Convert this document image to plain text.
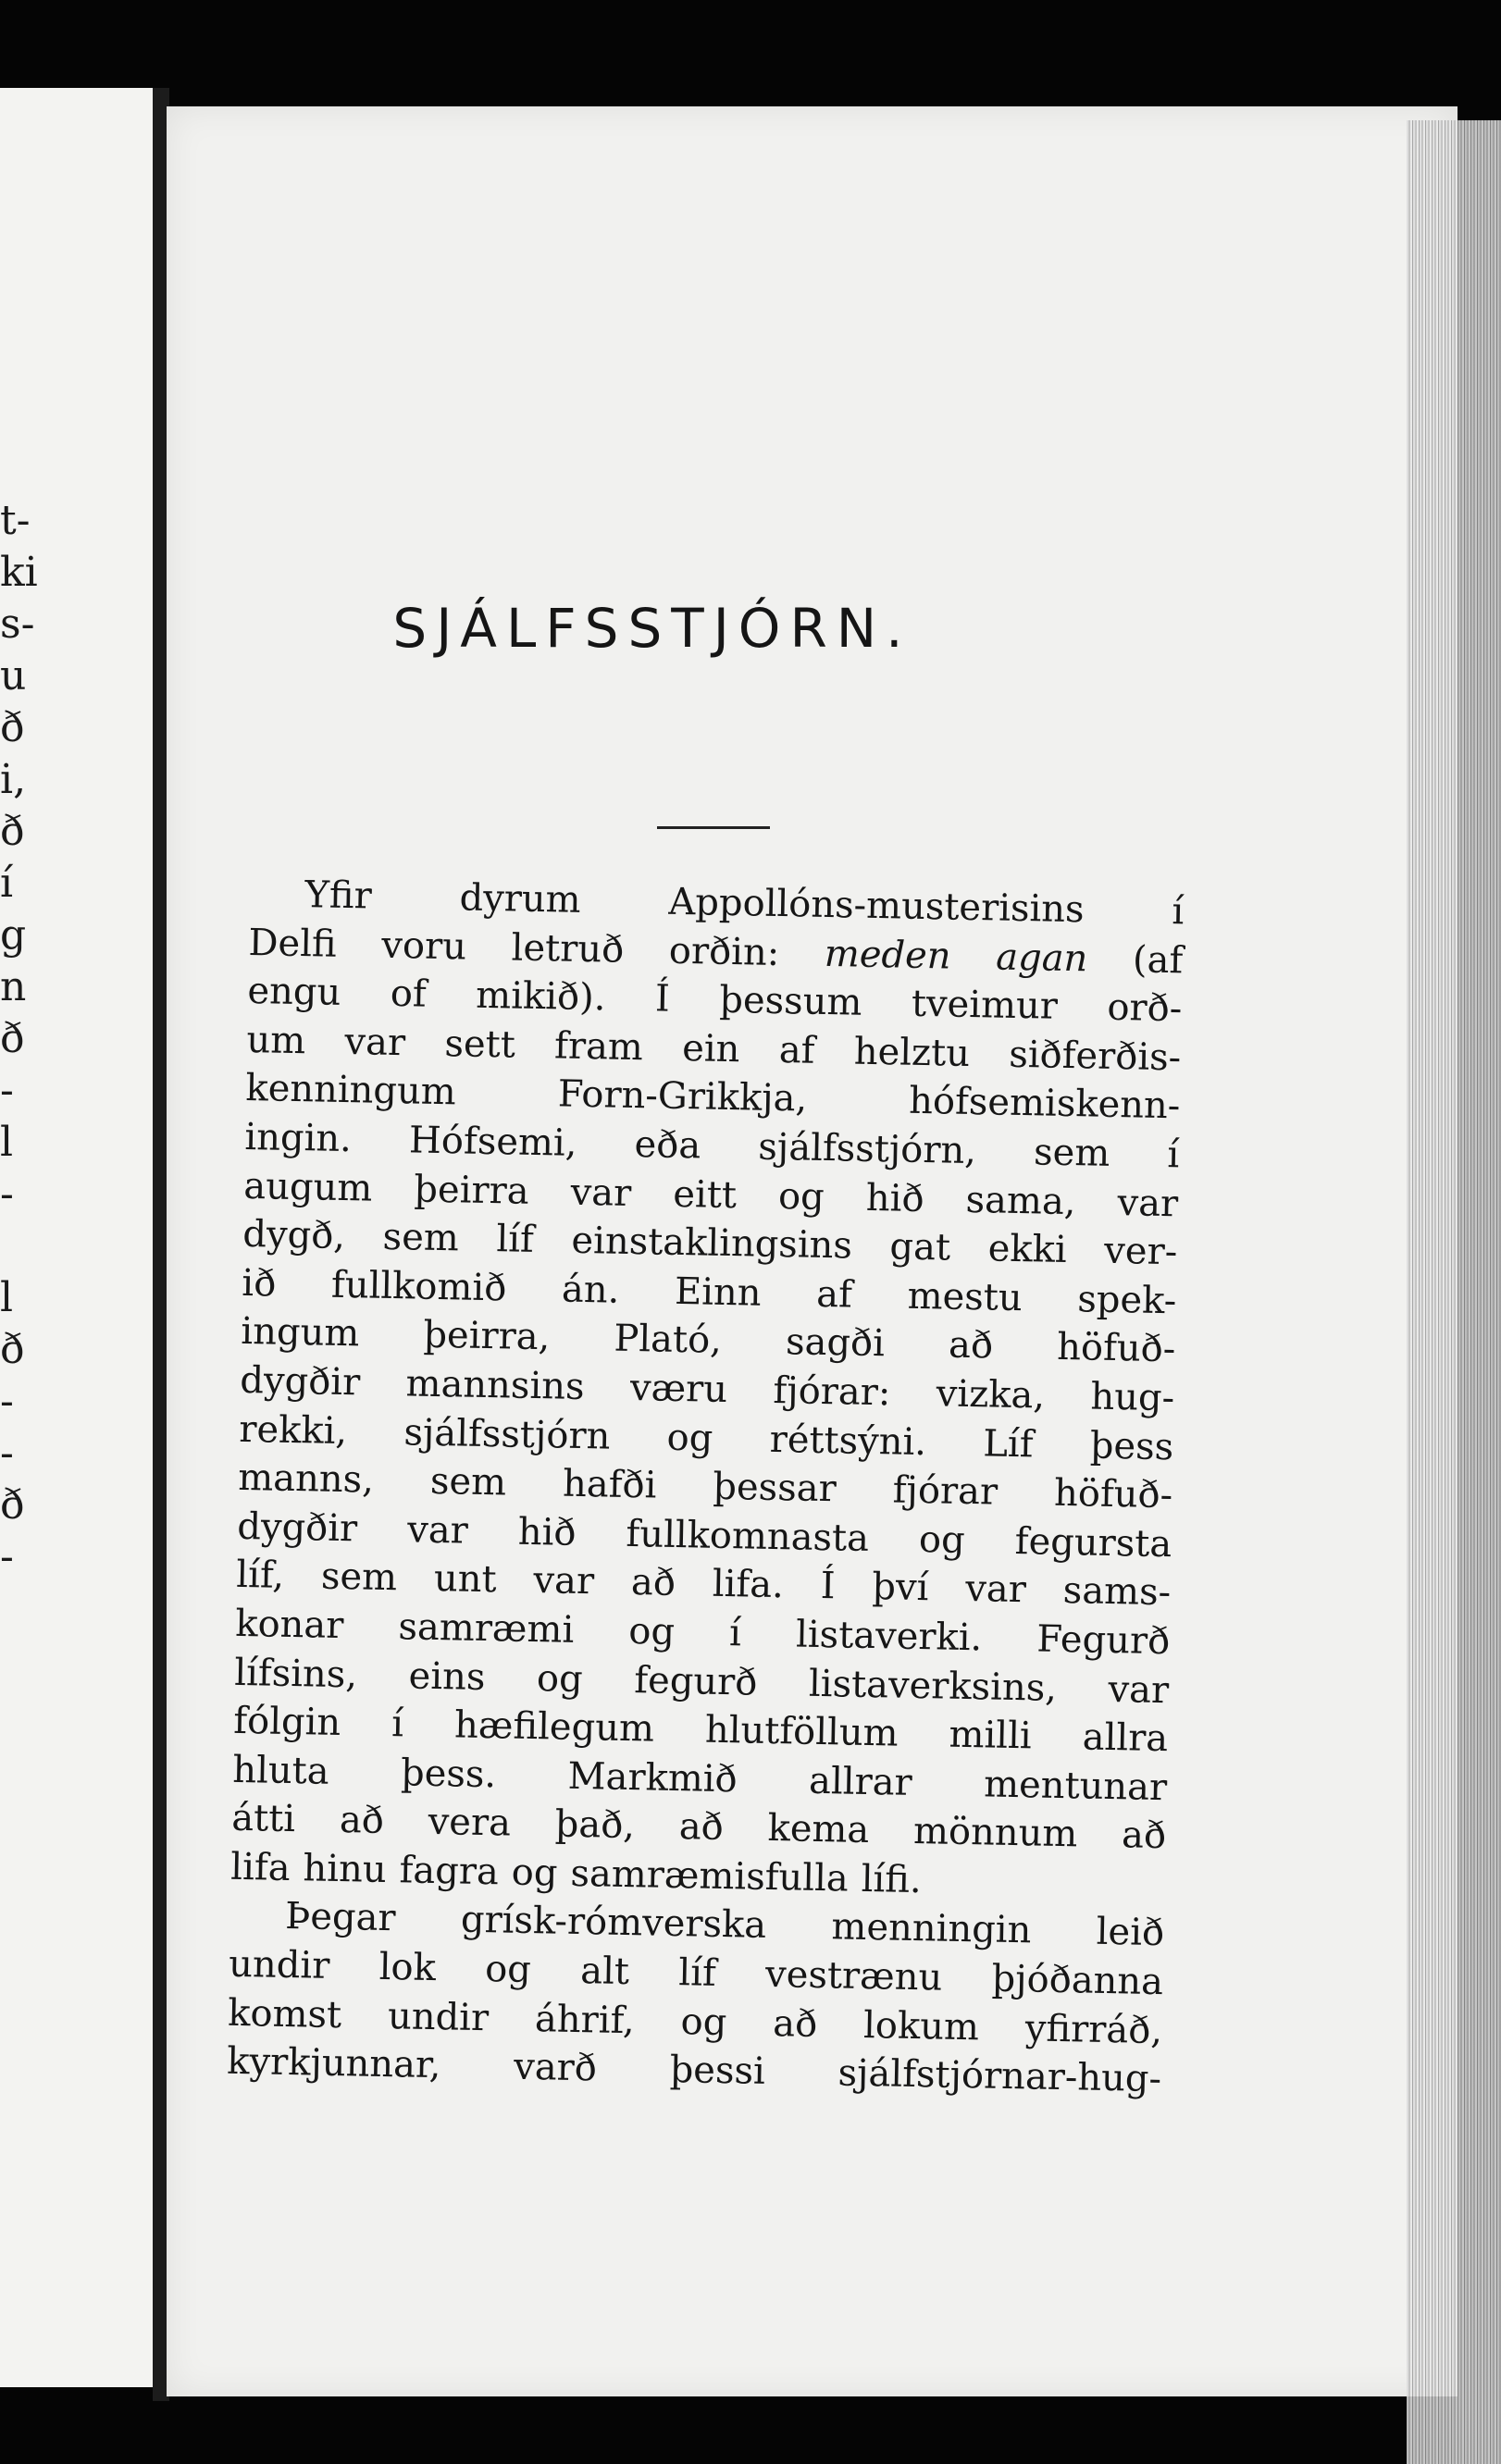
t-
ki
s-
u
ð
i,
ð
í
g
n
ð
-
l
-
l
ð
-
-
ð
-
SJÁLFSSTJÓRN.
Yfir dyrum Appollóns-musterisins í
Delfi voru letruð orðin: meden agan (af
engu of mikið). Í þessum tveimur orð-
um var sett fram ein af helztu siðferðis-
kenningum	Forn-Grikkja,	hófsemiskenn-
ingin. Hófsemi, eða sjálfsstjórn, sem í
augum þeirra var eitt og hið sama, var
dygð, sem líf einstaklingsins gat ekki ver-
ið fullkomið án. Einn af mestu spek-
ingum þeirra, Plató, sagði að höfuð-
dygðir mannsins væru fjórar: vizka, hug-
rekki, sjálfsstjórn og réttsýni. Líf þess
manns, sem hafði þessar fjórar höfuð-
dygðir var hið fullkomnasta og fegursta
líf, sem unt var að lifa. Í því var sams-
konar samræmi og í listaverki. Fegurð
lífsins, eins og fegurð listaverksins, var
fólgin í hæfilegum hlutföllum milli allra
hluta þess. Markmið allrar mentunar
átti að vera það, að kema mönnum að
lifa hinu fagra og samræmisfulla lífi.
Þegar grísk-rómverska menningin leið
undir lok og alt líf vestrænu þjóðanna
komst undir áhrif, og að lokum yfirráð,
kyrkjunnar, varð þessi sjálfstjórnar-hug-
